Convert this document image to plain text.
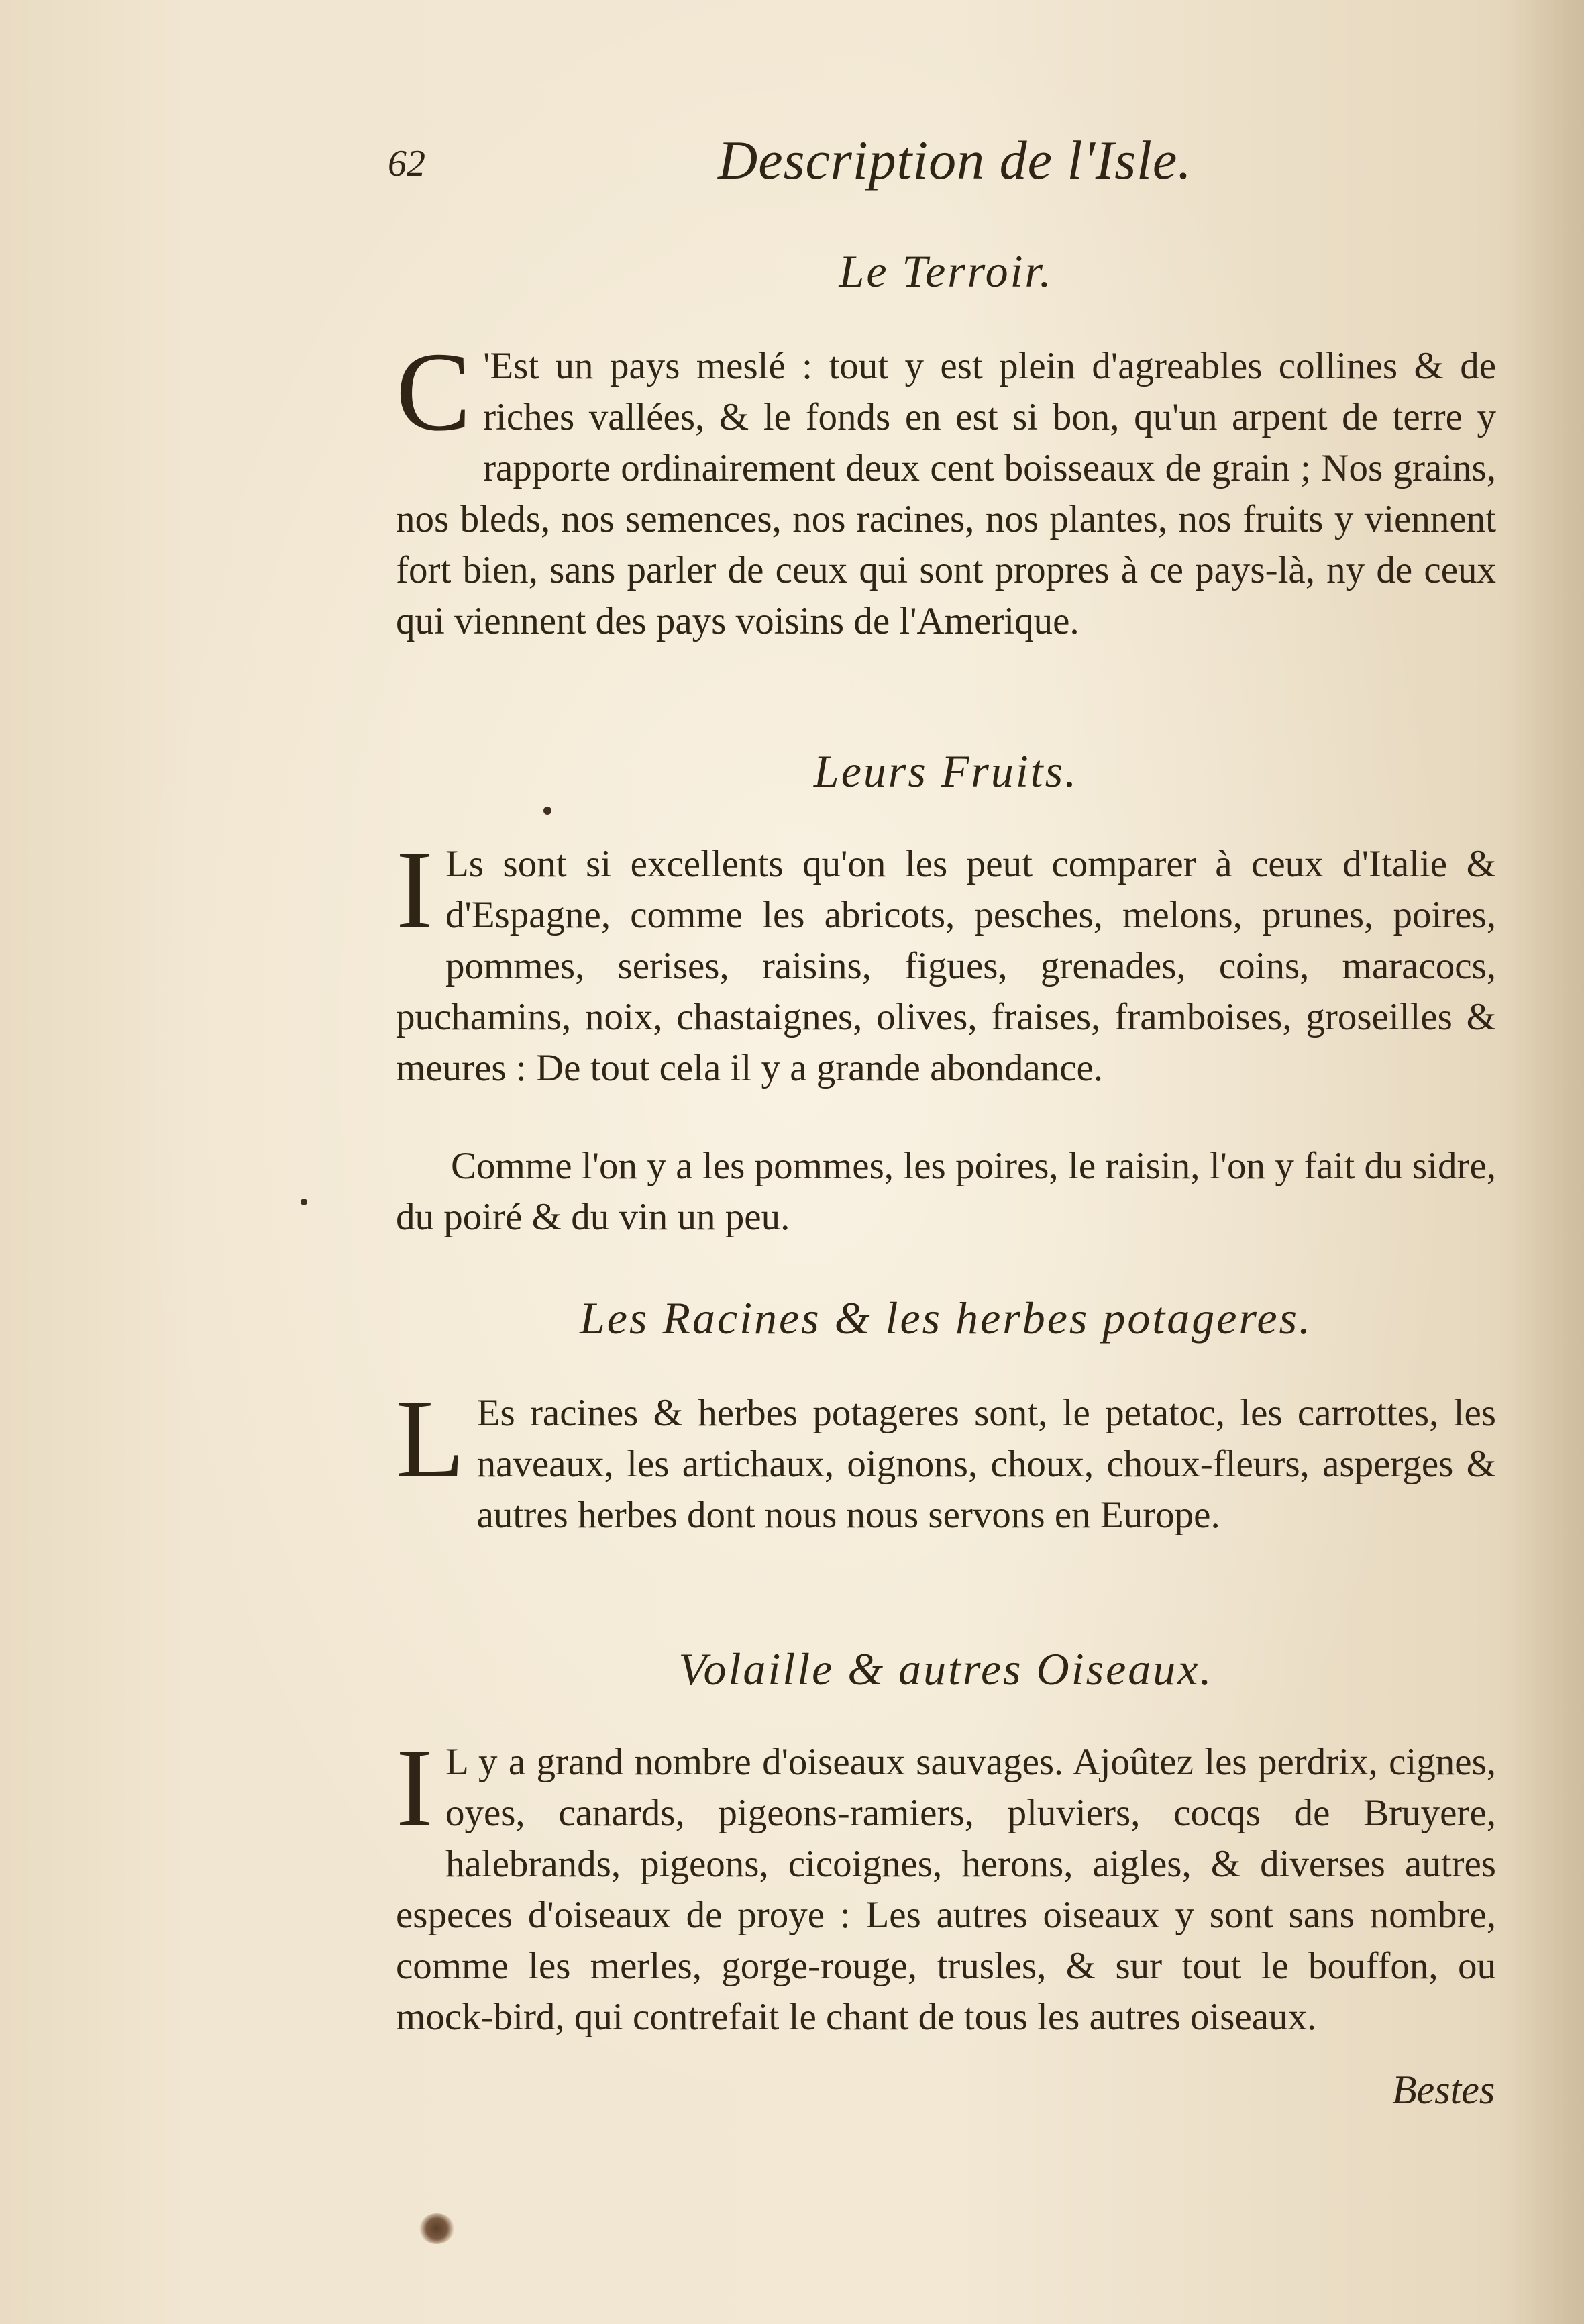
62	Description de l'Isle.
Le Terroir.

C 'Est un pays meslé : tout y est plein d'agreables collines & de riches vallées, & le fonds en est si bon, qu'un arpent de terre y rapporte ordinairement deux cent boisseaux de grain ; Nos grains, nos bleds, nos semences, nos racines, nos plantes, nos fruits y viennent fort bien, sans parler de ceux qui sont propres à ce pays-là, ny de ceux qui viennent des pays voisins de l'Amerique.

Leurs Fruits.

I Ls sont si excellents qu'on les peut comparer à ceux d'Italie & d'Espagne, comme les abricots, pesches, melons, prunes, poires, pommes, serises, raisins, figues, grenades, coins, maracocs, puchamins, noix, chastaignes, olives, fraises, framboises, groseilles & meures : De tout cela il y a grande abondance.

Comme l'on y a les pommes, les poires, le raisin, l'on y fait du sidre, du poiré & du vin un peu.

Les Racines & les herbes potageres.

L Es racines & herbes potageres sont, le petatoc, les carrottes, les naveaux, les artichaux, oignons, choux, choux-fleurs, asperges & autres herbes dont nous nous servons en Europe.

Volaille & autres Oiseaux.

I L y a grand nombre d'oiseaux sauvages. Ajoûtez les perdrix, cignes, oyes, canards, pigeons-ramiers, pluviers, cocqs de Bruyere, halebrands, pigeons, cicoignes, herons, aigles, & diverses autres especes d'oiseaux de proye : Les autres oiseaux y sont sans nombre, comme les merles, gorge-rouge, trusles, & sur tout le bouffon, ou mock-bird, qui contrefait le chant de tous les autres oiseaux.

Bestes
